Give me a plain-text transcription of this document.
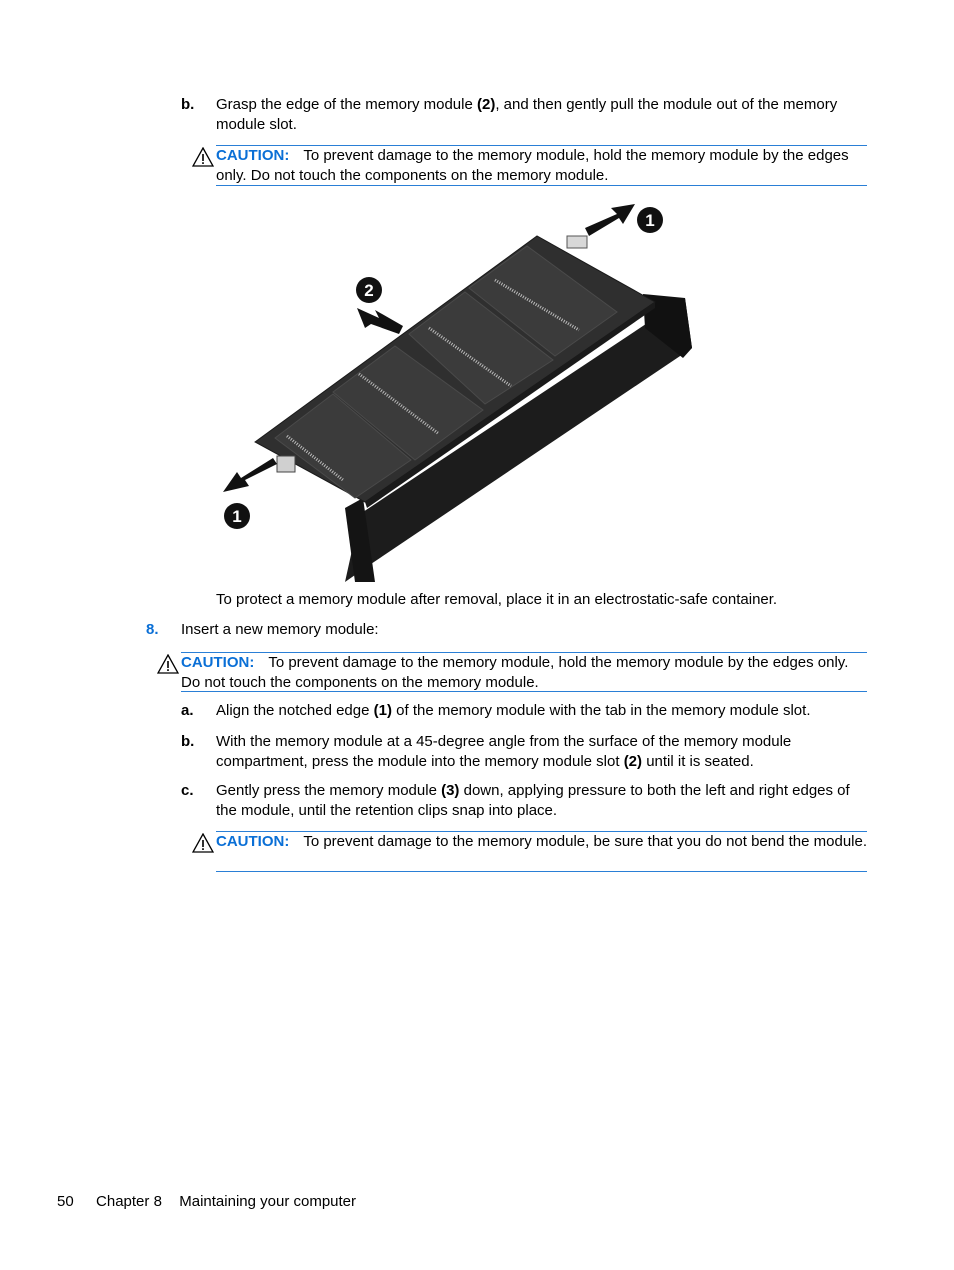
b. Grasp the edge of the memory module (2), and then gently pull the module out of the memory module slot.
CAUTION: To prevent damage to the memory module, hold the memory module by the edges only. Do not touch the components on the memory module.
1
2
1
To protect a memory module after removal, place it in an electrostatic-safe container.
8. Insert a new memory module:
CAUTION: To prevent damage to the memory module, hold the memory module by the edges only. Do not touch the components on the memory module.
a. Align the notched edge (1) of the memory module with the tab in the memory module slot.
b. With the memory module at a 45-degree angle from the surface of the memory module compartment, press the module into the memory module slot (2) until it is seated.
c. Gently press the memory module (3) down, applying pressure to both the left and right edges of the module, until the retention clips snap into place.
CAUTION: To prevent damage to the memory module, be sure that you do not bend the module.
50 Chapter 8 Maintaining your computer
